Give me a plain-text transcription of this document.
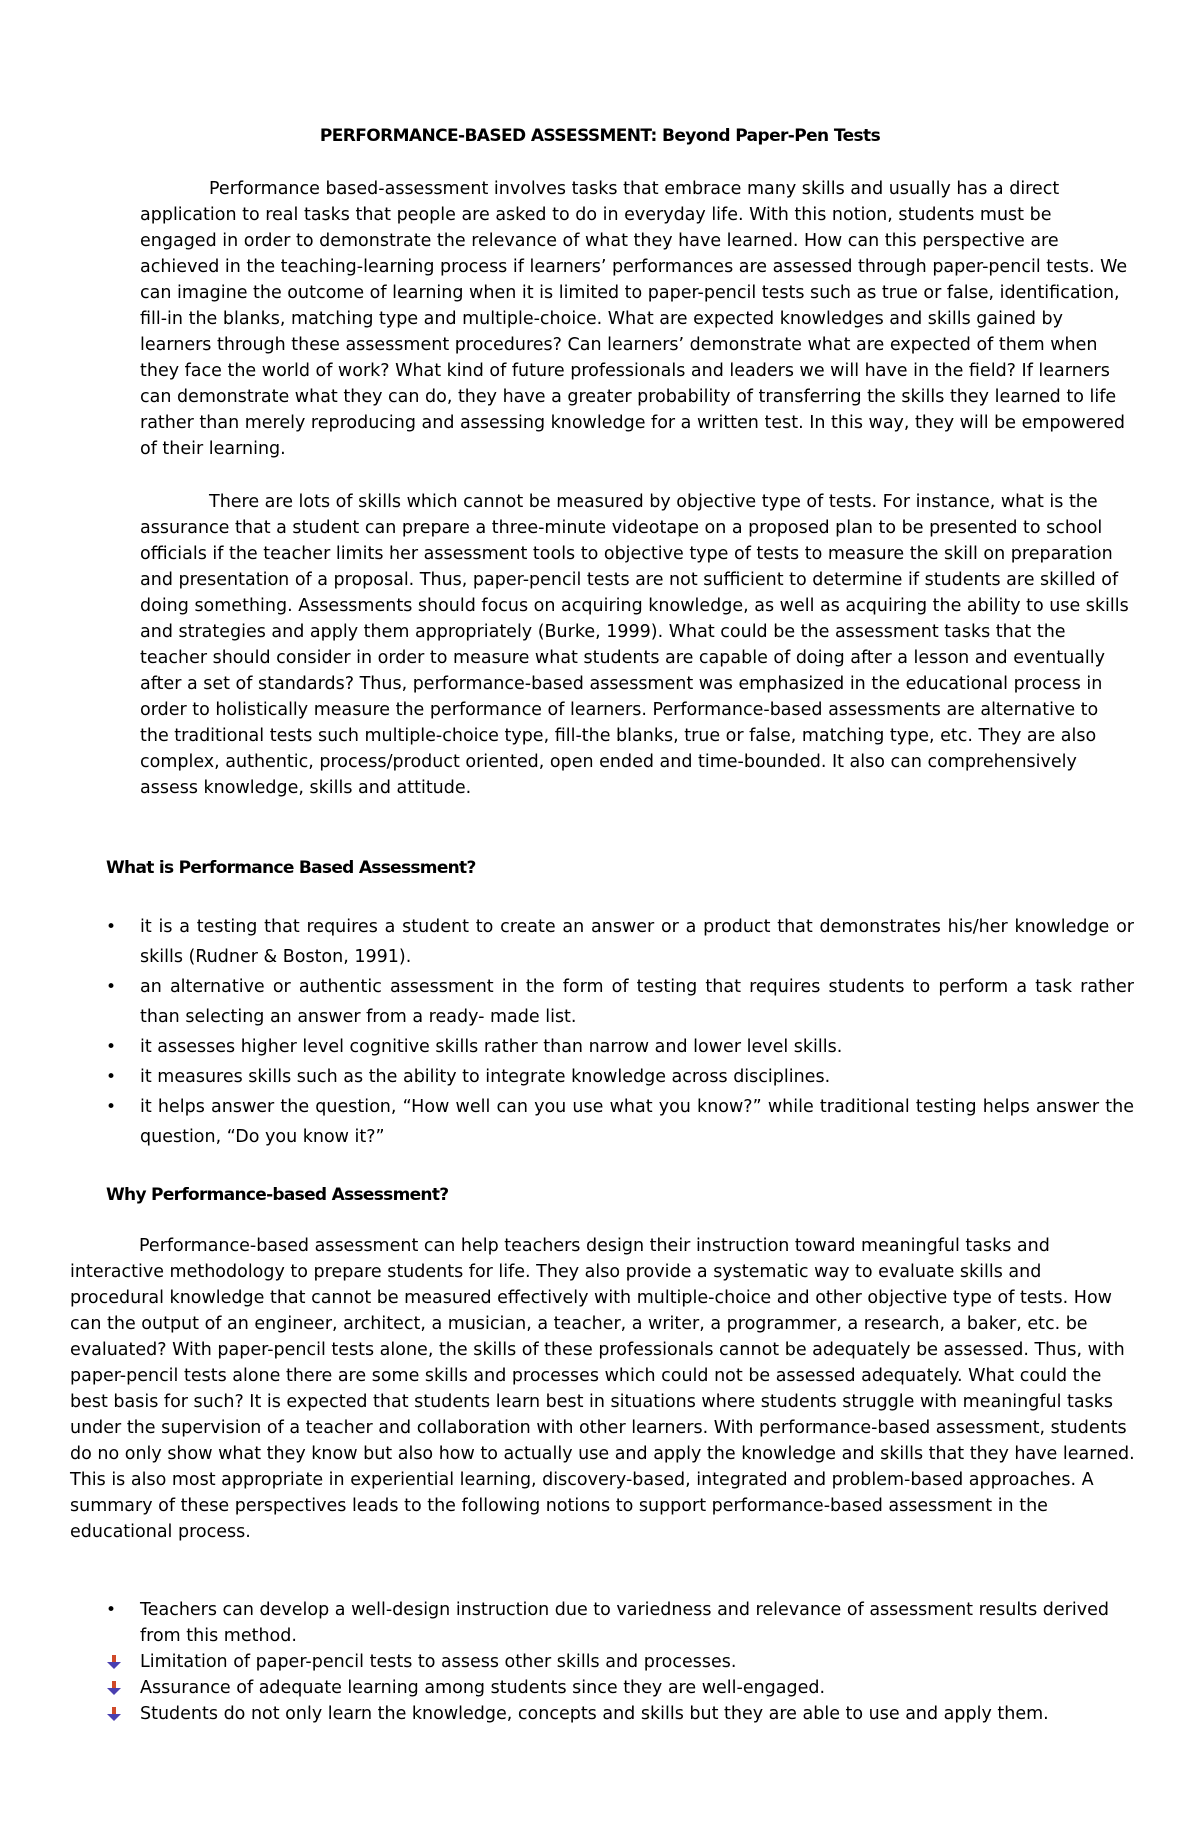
PERFORMANCE-BASED ASSESSMENT: Beyond Paper-Pen Tests

Performance based-assessment involves tasks that embrace many skills and usually has a direct application to real tasks that people are asked to do in everyday life. With this notion, students must be engaged in order to demonstrate the relevance of what they have learned. How can this perspective are achieved in the teaching-learning process if learners’ performances are assessed through paper-pencil tests. We can imagine the outcome of learning when it is limited to paper-pencil tests such as true or false, identification, fill-in the blanks, matching type and multiple-choice. What are expected knowledges and skills gained by learners through these assessment procedures? Can learners’ demonstrate what are expected of them when they face the world of work? What kind of future professionals and leaders we will have in the field? If learners can demonstrate what they can do, they have a greater probability of transferring the skills they learned to life rather than merely reproducing and assessing knowledge for a written test. In this way, they will be empowered of their learning.

There are lots of skills which cannot be measured by objective type of tests. For instance, what is the assurance that a student can prepare a three-minute videotape on a proposed plan to be presented to school officials if the teacher limits her assessment tools to objective type of tests to measure the skill on preparation and presentation of a proposal. Thus, paper-pencil tests are not sufficient to determine if students are skilled of doing something. Assessments should focus on acquiring knowledge, as well as acquiring the ability to use skills and strategies and apply them appropriately (Burke, 1999). What could be the assessment tasks that the teacher should consider in order to measure what students are capable of doing after a lesson and eventually after a set of standards? Thus, performance-based assessment was emphasized in the educational process in order to holistically measure the performance of learners. Performance-based assessments are alternative to the traditional tests such multiple-choice type, fill-the blanks, true or false, matching type, etc. They are also complex, authentic, process/product oriented, open ended and time-bounded. It also can comprehensively assess knowledge, skills and attitude.

What is Performance Based Assessment?
• it is a testing that requires a student to create an answer or a product that demonstrates his/her knowledge or skills (Rudner & Boston, 1991).
• an alternative or authentic assessment in the form of testing that requires students to perform a task rather than selecting an answer from a ready- made list.
• it assesses higher level cognitive skills rather than narrow and lower level skills.
• it measures skills such as the ability to integrate knowledge across disciplines.
• it helps answer the question, “How well can you use what you know?” while traditional testing helps answer the question, “Do you know it?”
Why Performance-based Assessment?

Performance-based assessment can help teachers design their instruction toward meaningful tasks and interactive methodology to prepare students for life. They also provide a systematic way to evaluate skills and procedural knowledge that cannot be measured effectively with multiple-choice and other objective type of tests. How can the output of an engineer, architect, a musician, a teacher, a writer, a programmer, a research, a baker, etc. be evaluated? With paper-pencil tests alone, the skills of these professionals cannot be adequately be assessed. Thus, with paper-pencil tests alone there are some skills and processes which could not be assessed adequately. What could the best basis for such? It is expected that students learn best in situations where students struggle with meaningful tasks under the supervision of a teacher and collaboration with other learners. With performance-based assessment, students do no only show what they know but also how to actually use and apply the knowledge and skills that they have learned. This is also most appropriate in experiential learning, discovery-based, integrated and problem-based approaches. A summary of these perspectives leads to the following notions to support performance-based assessment in the educational process.

• Teachers can develop a well-design instruction due to variedness and relevance of assessment results derived from this method.
Limitation of paper-pencil tests to assess other skills and processes.
Assurance of adequate learning among students since they are well-engaged.
Students do not only learn the knowledge, concepts and skills but they are able to use and apply them.
